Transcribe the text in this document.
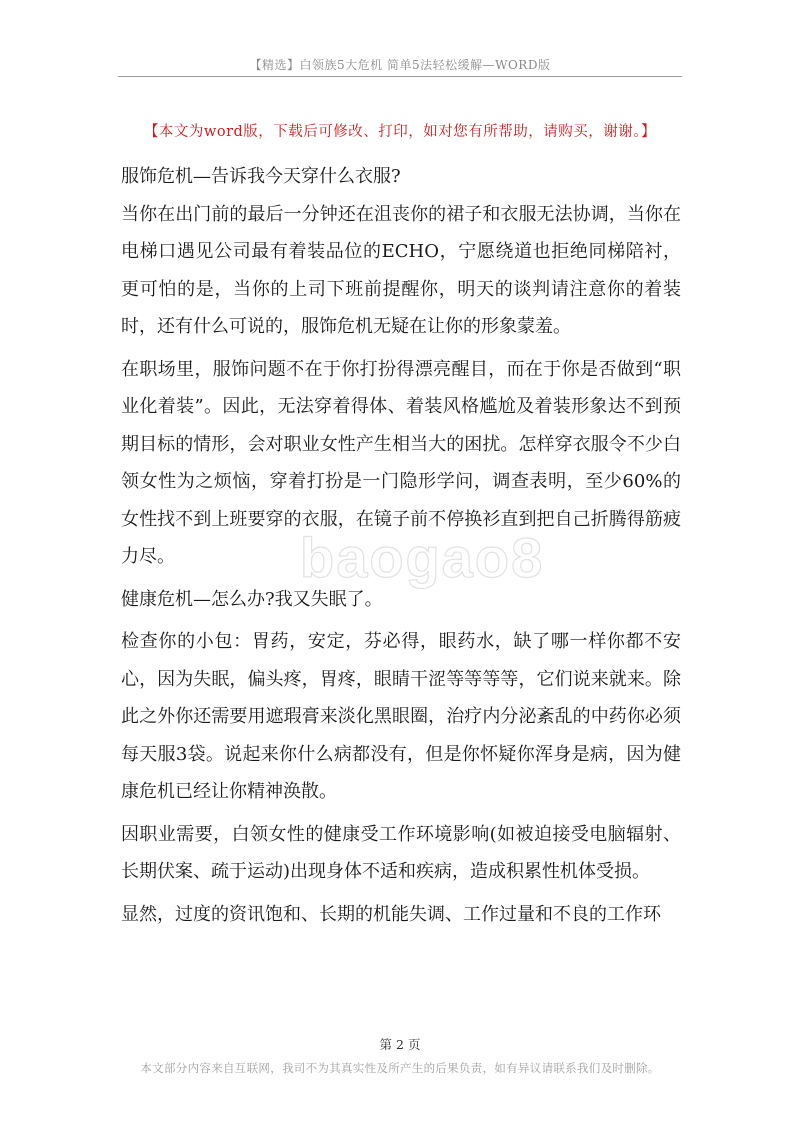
【精选】白领族5大危机 简单5法轻松缓解—WORD版
【本文为word版，下载后可修改、打印，如对您有所帮助，请购买，谢谢。】
baogao8

服饰危机—告诉我今天穿什么衣服?

当你在出门前的最后一分钟还在沮丧你的裙子和衣服无法协调，当你在电梯口遇见公司最有着装品位的ECHO，宁愿绕道也拒绝同梯陪衬，更可怕的是，当你的上司下班前提醒你，明天的谈判请注意你的着装时，还有什么可说的，服饰危机无疑在让你的形象蒙羞。

在职场里，服饰问题不在于你打扮得漂亮醒目，而在于你是否做到“职业化着装”。因此，无法穿着得体、着装风格尴尬及着装形象达不到预期目标的情形，会对职业女性产生相当大的困扰。怎样穿衣服令不少白领女性为之烦恼，穿着打扮是一门隐形学问，调查表明，至少60%的女性找不到上班要穿的衣服，在镜子前不停换衫直到把自己折腾得筋疲力尽。

健康危机—怎么办?我又失眠了。

检查你的小包：胃药，安定，芬必得，眼药水，缺了哪一样你都不安心，因为失眠，偏头疼，胃疼，眼睛干涩等等等等，它们说来就来。除此之外你还需要用遮瑕膏来淡化黑眼圈，治疗内分泌紊乱的中药你必须每天服3袋。说起来你什么病都没有，但是你怀疑你浑身是病，因为健康危机已经让你精神涣散。

因职业需要，白领女性的健康受工作环境影响(如被迫接受电脑辐射、长期伏案、疏于运动)出现身体不适和疾病，造成积累性机体受损。

显然，过度的资讯饱和、长期的机能失调、工作过量和不良的工作环

第 2 页
本文部分内容来自互联网，我司不为其真实性及所产生的后果负责，如有异议请联系我们及时删除。
